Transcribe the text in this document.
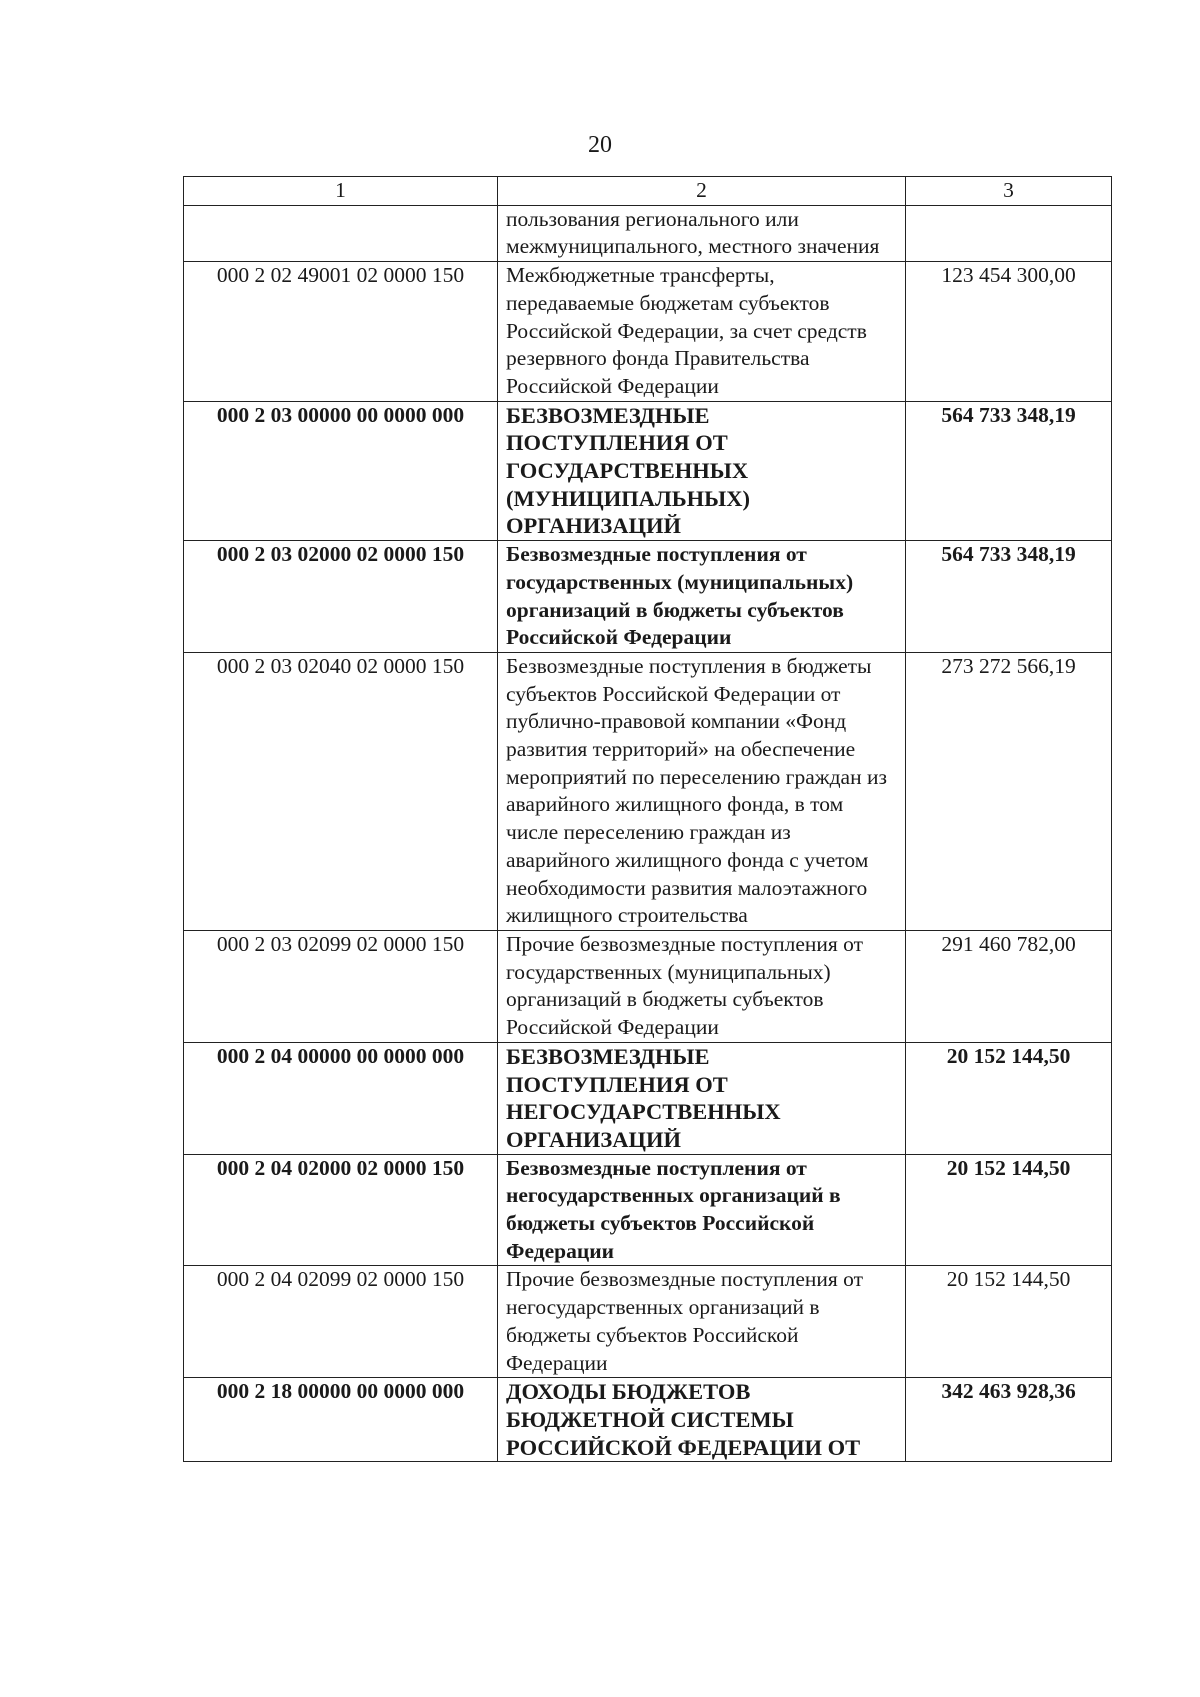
20
1	2	3
	пользования регионального или межмуниципального, местного значения	
000 2 02 49001 02 0000 150	Межбюджетные трансферты, передаваемые бюджетам субъектов Российской Федерации, за счет средств резервного фонда Правительства Российской Федерации	123 454 300,00
000 2 03 00000 00 0000 000	БЕЗВОЗМЕЗДНЫЕ ПОСТУПЛЕНИЯ ОТ ГОСУДАРСТВЕННЫХ (МУНИЦИПАЛЬНЫХ) ОРГАНИЗАЦИЙ	564 733 348,19
000 2 03 02000 02 0000 150	Безвозмездные поступления от государственных (муниципальных) организаций в бюджеты субъектов Российской Федерации	564 733 348,19
000 2 03 02040 02 0000 150	Безвозмездные поступления в бюджеты субъектов Российской Федерации от публично-правовой компании «Фонд развития территорий» на обеспечение мероприятий по переселению граждан из аварийного жилищного фонда, в том числе переселению граждан из аварийного жилищного фонда с учетом необходимости развития малоэтажного жилищного строительства	273 272 566,19
000 2 03 02099 02 0000 150	Прочие безвозмездные поступления от государственных (муниципальных) организаций в бюджеты субъектов Российской Федерации	291 460 782,00
000 2 04 00000 00 0000 000	БЕЗВОЗМЕЗДНЫЕ ПОСТУПЛЕНИЯ ОТ НЕГОСУДАРСТВЕННЫХ ОРГАНИЗАЦИЙ	20 152 144,50
000 2 04 02000 02 0000 150	Безвозмездные поступления от негосударственных организаций в бюджеты субъектов Российской Федерации	20 152 144,50
000 2 04 02099 02 0000 150	Прочие безвозмездные поступления от негосударственных организаций в бюджеты субъектов Российской Федерации	20 152 144,50
000 2 18 00000 00 0000 000	ДОХОДЫ БЮДЖЕТОВ БЮДЖЕТНОЙ СИСТЕМЫ РОССИЙСКОЙ ФЕДЕРАЦИИ ОТ	342 463 928,36
